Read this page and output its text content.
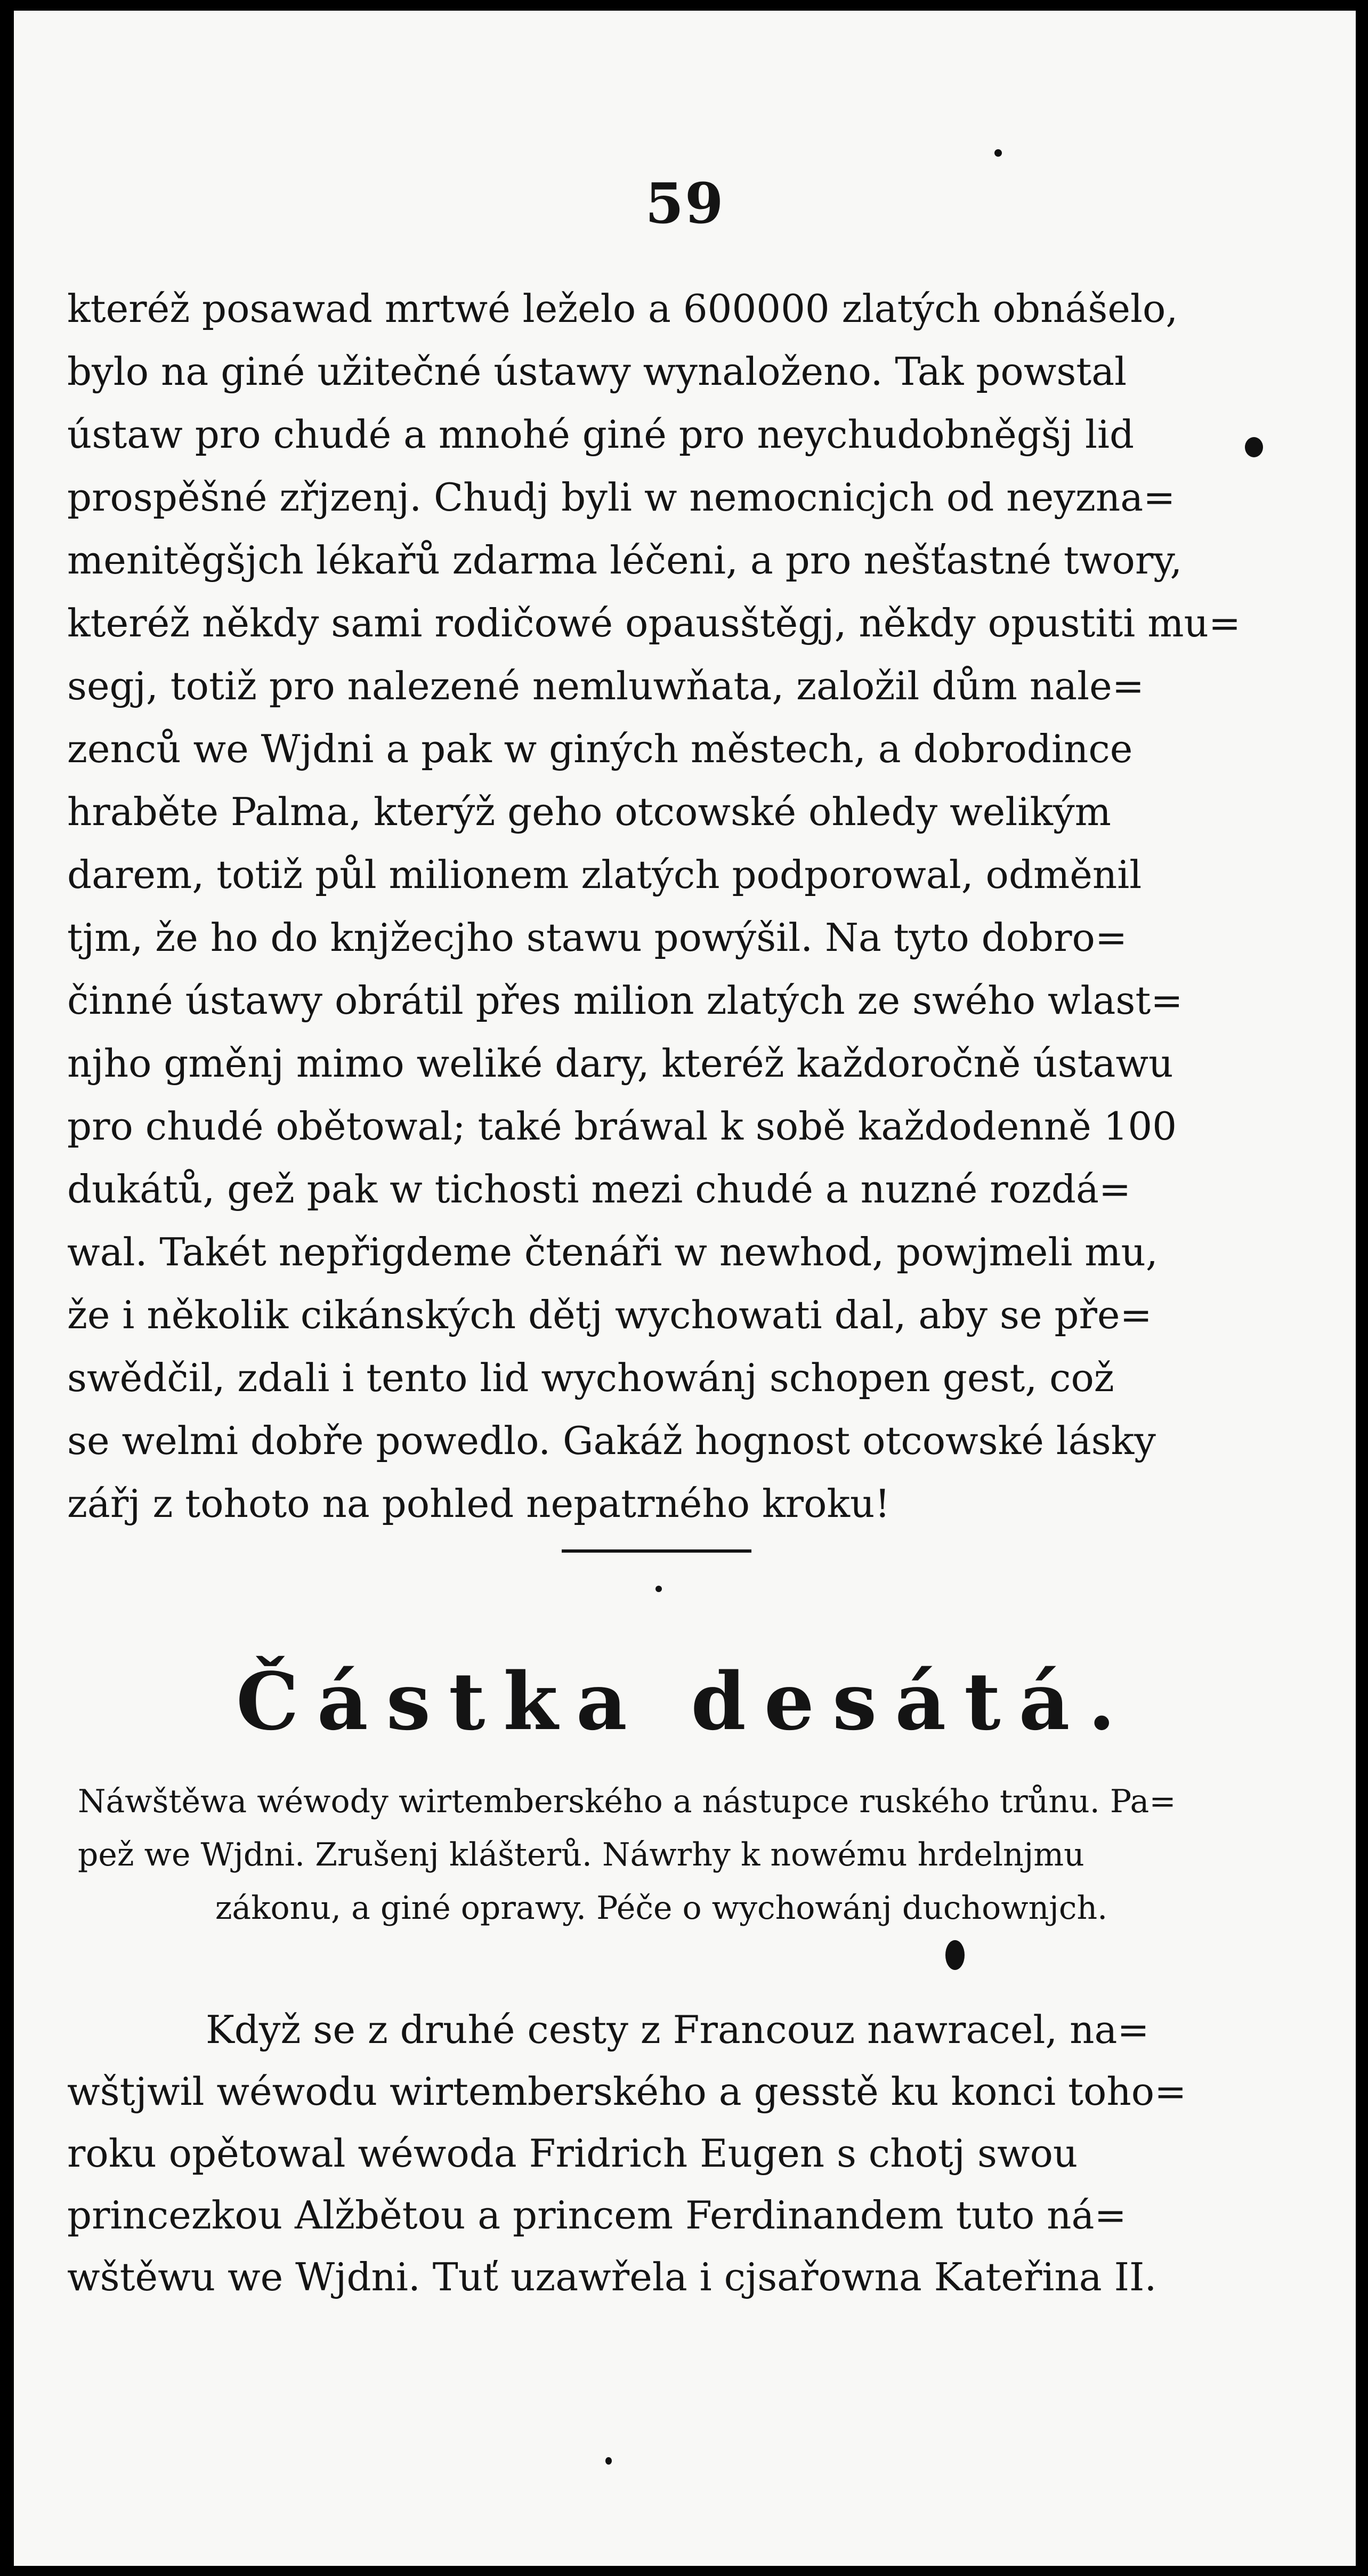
59

kteréž posawad mrtwé leželo a 600000 zlatých obnášelo,
bylo na giné užitečné ústawy wynaloženo. Tak powstal
ústaw pro chudé a mnohé giné pro neychudobněgšj lid
prospěšné zřjzenj. Chudj byli w nemocnicjch od neyzna=
menitěgšjch lékařů zdarma léčeni, a pro nešťastné twory,
kteréž někdy sami rodičowé opausštěgj, někdy opustiti mu=
segj, totiž pro nalezené nemluwňata, založil dům nale=
zenců we Wjdni a pak w giných městech, a dobrodince
hraběte Palma, kterýž geho otcowské ohledy welikým
darem, totiž půl milionem zlatých podporowal, odměnil
tjm, že ho do knjžecjho stawu powýšil. Na tyto dobro=
činné ústawy obrátil přes milion zlatých ze swého wlast=
njho gměnj mimo weliké dary, kteréž každoročně ústawu
pro chudé obětowal; také bráwal k sobě každodenně 100
dukátů, gež pak w tichosti mezi chudé a nuzné rozdá=
wal. Takét nepřigdeme čtenáři w newhod, powjmeli mu,
že i několik cikánských dětj wychowati dal, aby se pře=
swědčil, zdali i tento lid wychowánj schopen gest, což
se welmi dobře powedlo. Gakáž hognost otcowské lásky
zářj z tohoto na pohled nepatrného kroku!

Částka desátá.
Náwštěwa wéwody wirtemberského a nástupce ruského trůnu. Pa=
pež we Wjdni. Zrušenj klášterů. Náwrhy k nowému hrdelnjmu
zákonu, a giné oprawy. Péče o wychowánj duchownjch.
Když se z druhé cesty z Francouz nawracel, na=
wštjwil wéwodu wirtemberského a gesstě ku konci toho=
roku opětowal wéwoda Fridrich Eugen s chotj swou
princezkou Alžbětou a princem Ferdinandem tuto ná=
wštěwu we Wjdni. Tuť uzawřela i cjsařowna Kateřina II.
